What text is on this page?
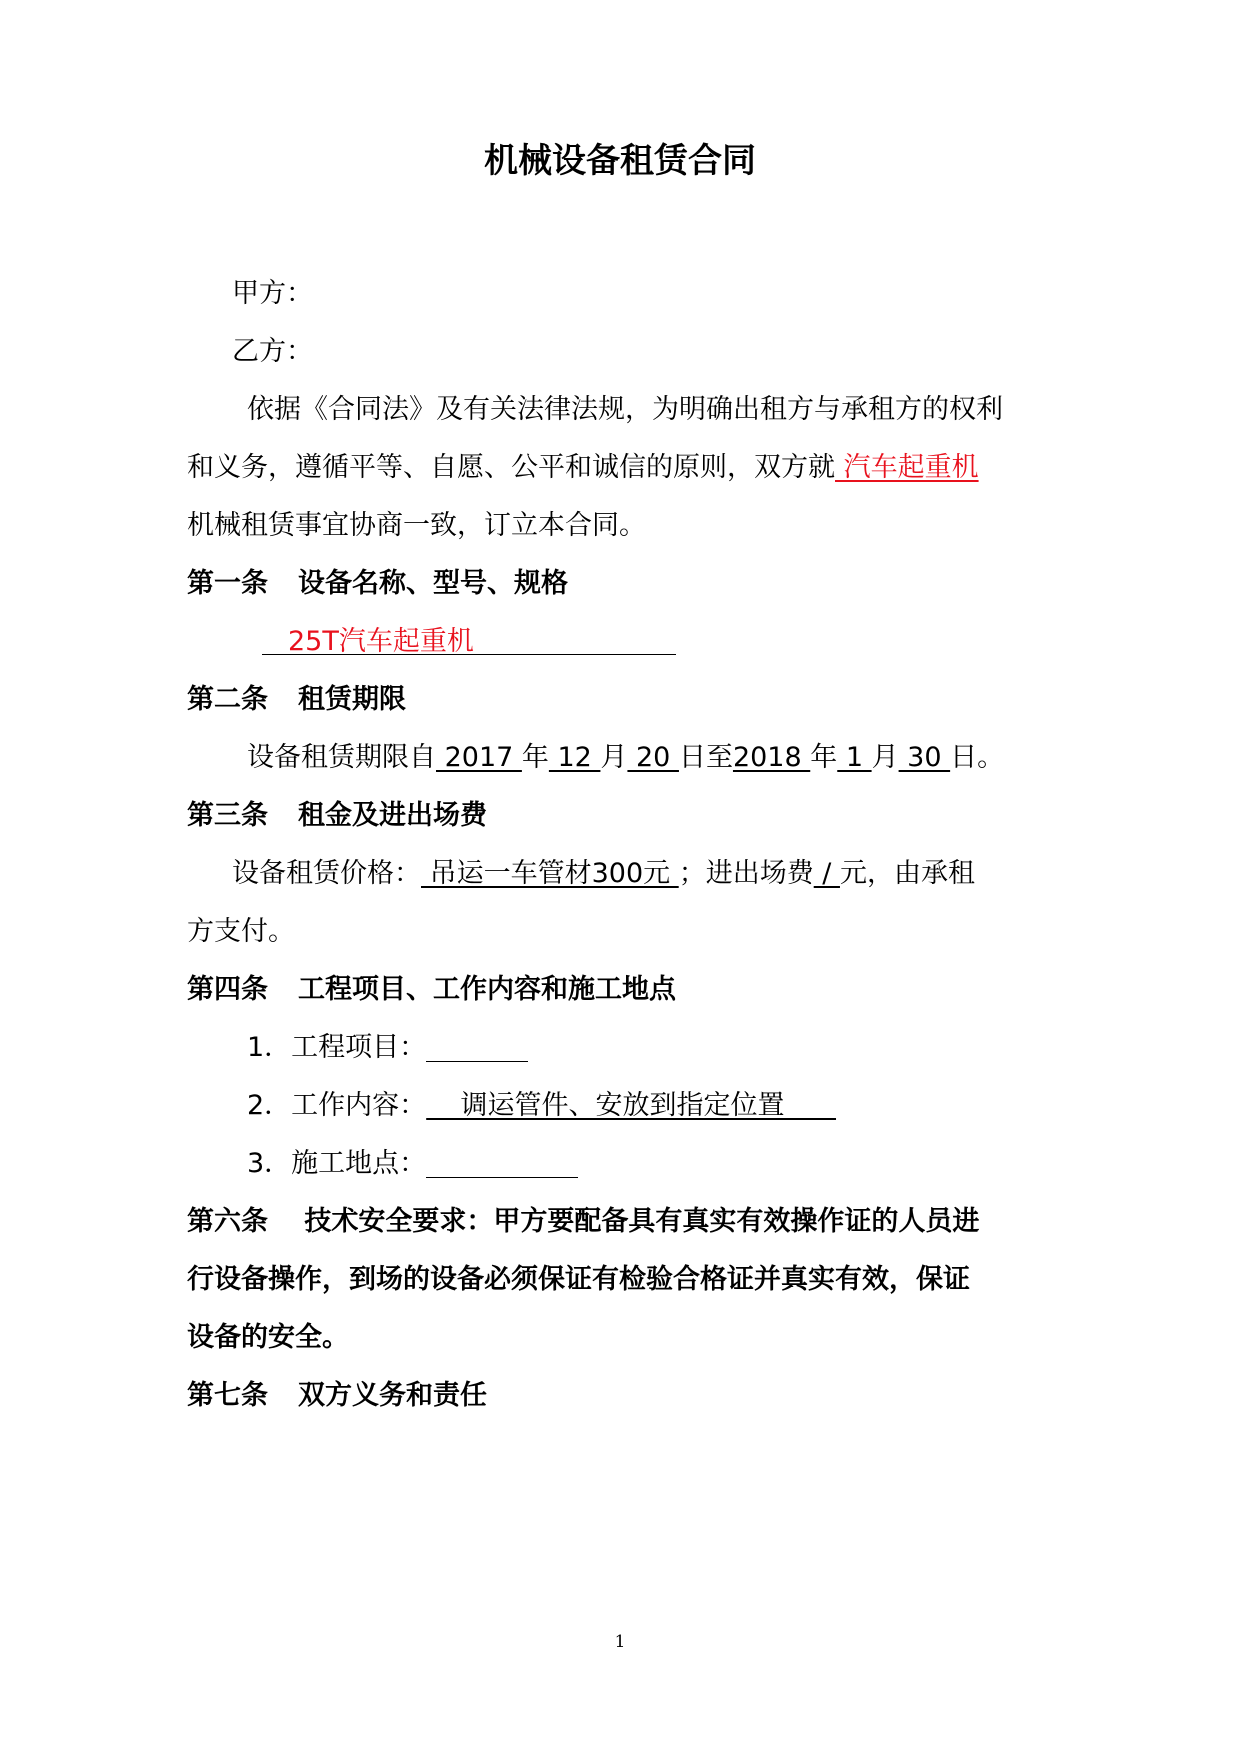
机械设备租赁合同
甲方：
乙方：
依据《合同法》及有关法律法规，为明确出租方与承租方的权利
和义务，遵循平等、自愿、公平和诚信的原则，双方就 汽车起重机
机械租赁事宜协商一致，订立本合同。
第一条 设备名称、型号、规格
25T汽车起重机
第二条 租赁期限
设备租赁期限自 2017 年 12 月 20 日至2018 年 1 月 30 日。
第三条 租金及进出场费
设备租赁价格： 吊运一车管材300元 ；进出场费 / 元，由承租
方支付。
第四条 工程项目、工作内容和施工地点
1．工程项目：
2．工作内容：    调运管件、安放到指定位置
3．施工地点：
第六条　 技术安全要求：甲方要配备具有真实有效操作证的人员进
行设备操作，到场的设备必须保证有检验合格证并真实有效，保证
设备的安全。
第七条 双方义务和责任
1
